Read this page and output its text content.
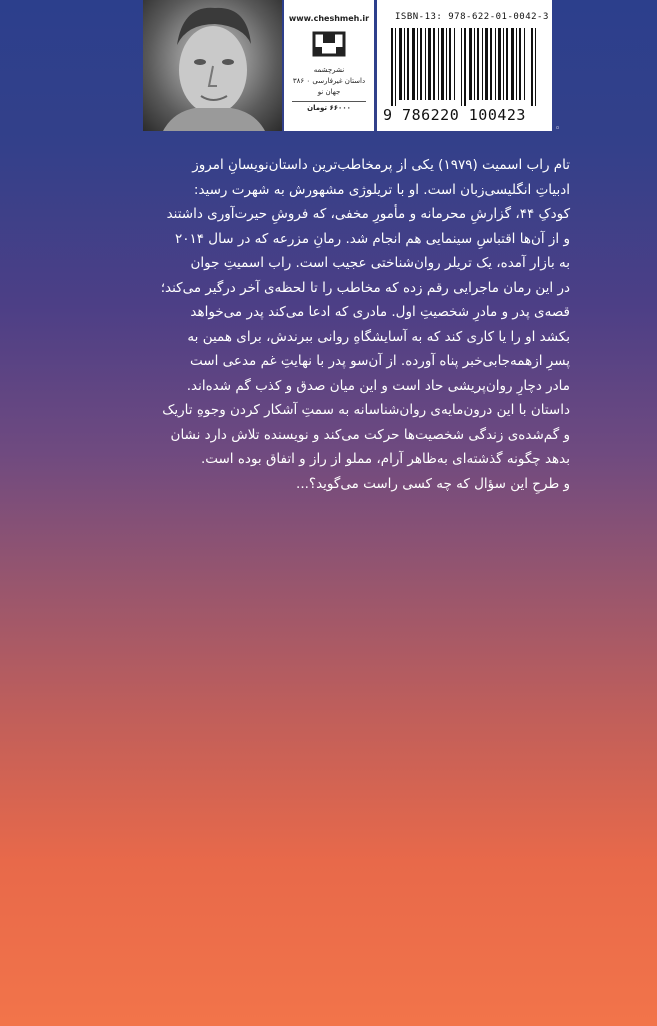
www.cheshmeh.ir
نشرچشمه
داستان غیرفارسی ۰ ۳۸۶
جهان نو
۶۶۰۰۰ تومان
ISBN-13: 978-622-01-0042-3
9 786220 100423
◦

تام راب اسمیت (۱۹۷۹) یکی از پرمخاطب‌ترین داستان‌نویسانِ امروز

ادبیاتِ انگلیسی‌زبان است. او با تریلوژی مشهورش به شهرت رسید:

کودکِ ۴۴، گزارشِ محرمانه و مأمورِ مخفی، که فروشِ حیرت‌آوری داشتند

و از آن‌ها اقتباسِ سینمایی هم انجام شد. رمانِ مزرعه که در سال ۲۰۱۴

به بازار آمده، یک تریلر روان‌شناختی عجیب است. راب اسمیتِ جوان

در این رمان ماجرایی رقم زده که مخاطب را تا لحظه‌ی آخر درگیر می‌کند؛

قصه‌ی پدر و مادرِ شخصیتِ اول. مادری که ادعا می‌کند پدر می‌خواهد

بکشد او را یا کاری کند که به آسایشگاهِ روانی ببرندش، برای همین به

پسرِ ازهمه‌جابی‌خبر پناه آورده. از آن‌سو پدر با نهایتِ غم مدعی است

مادر دچارِ روان‌پریشی حاد است و این میان صدق و کذب گم شده‌اند.

داستان با این درون‌مایه‌ی روان‌شناسانه به سمتِ آشکار کردن وجوهِ تاریک

و گم‌شده‌ی زندگی شخصیت‌ها حرکت می‌کند و نویسنده تلاش دارد نشان

بدهد چگونه گذشته‌ای به‌ظاهر آرام، مملو از راز و اتفاق بوده است.

و طرحِ این سؤال که چه کسی راست می‌گوید؟...
